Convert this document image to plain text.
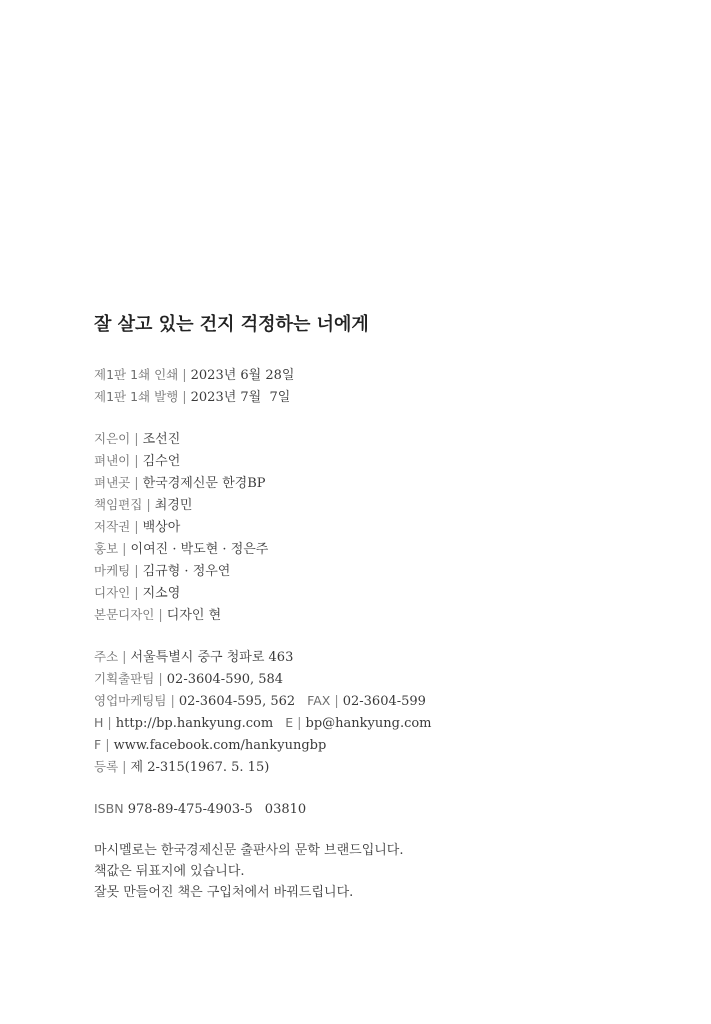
잘 살고 있는 건지 걱정하는 너에게
제1판 1쇄 인쇄 | 2023년 6월 28일
제1판 1쇄 발행 | 2023년 7월  7일
지은이 | 조선진
펴낸이 | 김수언
펴낸곳 | 한국경제신문 한경BP
책임편집 | 최경민
저작권 | 백상아
홍보 | 이여진 · 박도현 · 정은주
마케팅 | 김규형 · 정우연
디자인 | 지소영
본문디자인 | 디자인 현
주소 | 서울특별시 중구 청파로 463
기획출판팀 | 02-3604-590, 584
영업마케팅팀 | 02-3604-595, 562 FAX | 02-3604-599
H | http://bp.hankyung.com E | bp@hankyung.com
F | www.facebook.com/hankyungbp
등록 | 제 2-315(1967. 5. 15)
ISBN 978-89-475-4903-5 03810
마시멜로는 한국경제신문 출판사의 문학 브랜드입니다.
책값은 뒤표지에 있습니다.
잘못 만들어진 책은 구입처에서 바꿔드립니다.
